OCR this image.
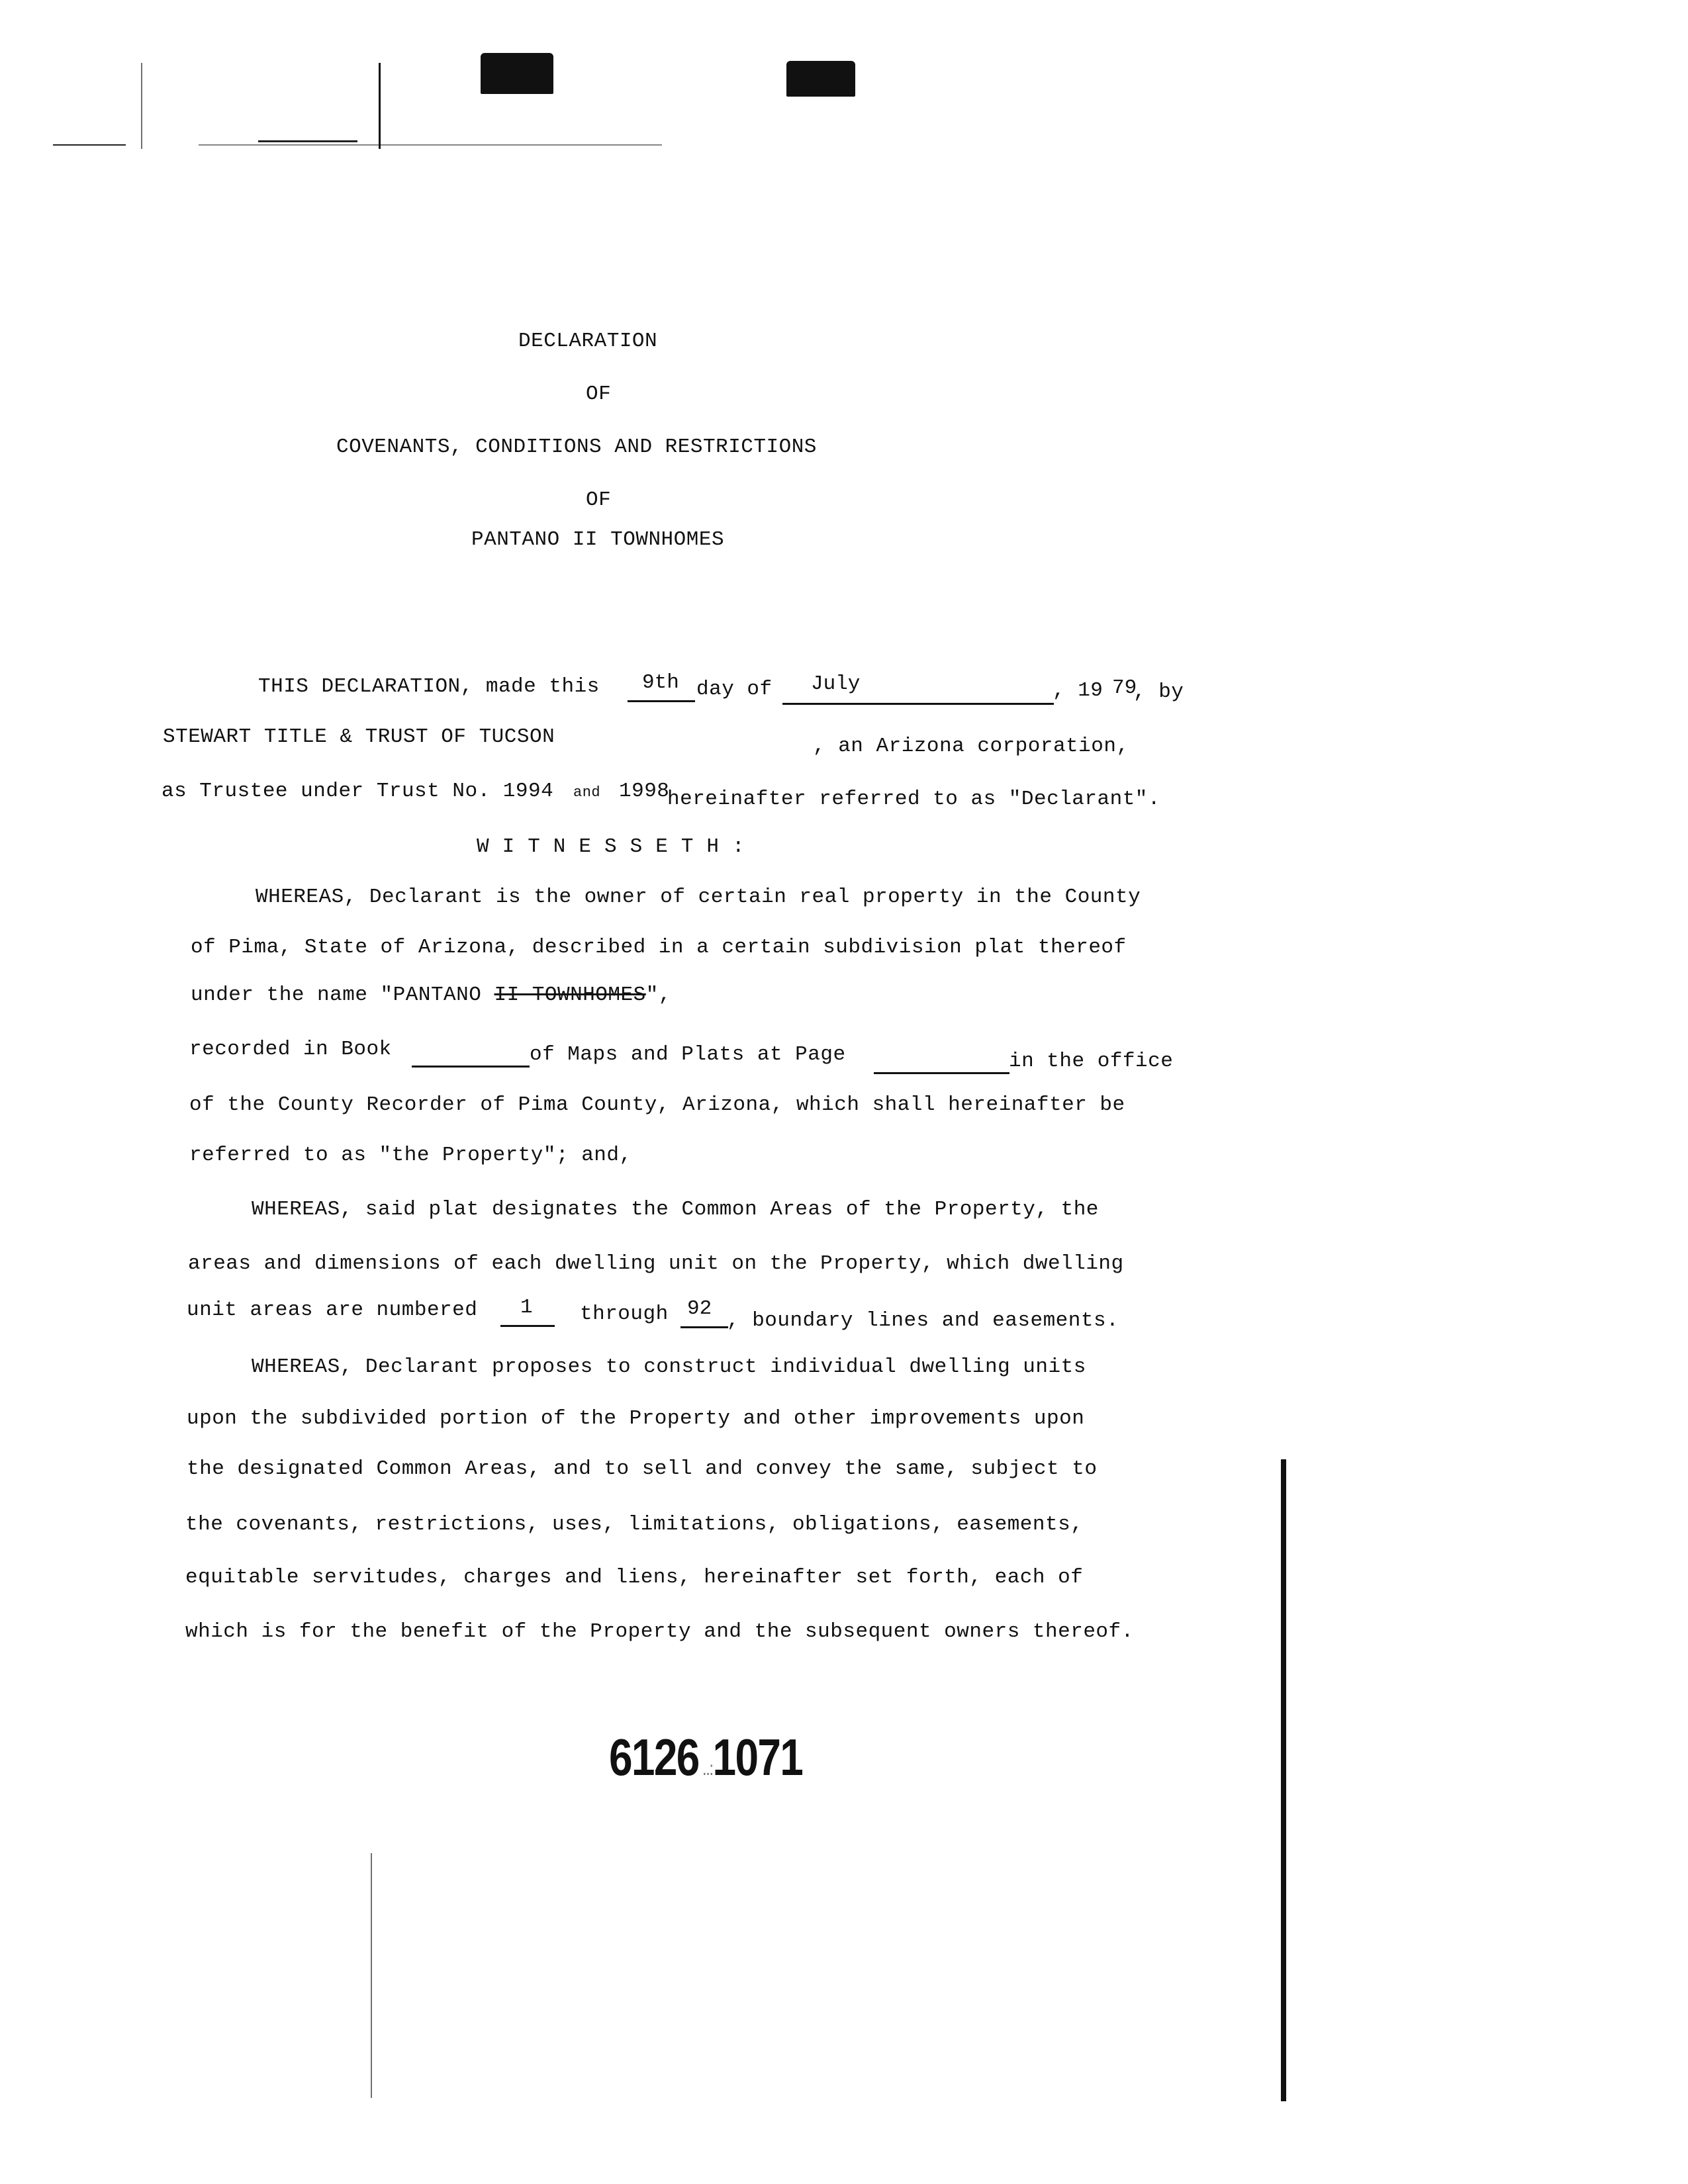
DECLARATION
OF
COVENANTS, CONDITIONS AND RESTRICTIONS
OF
PANTANO II TOWNHOMES
THIS DECLARATION, made this 9th day of July	, 19 79
, by
STEWART TITLE & TRUST OF TUCSON	, an Arizona corporation,
as Trustee under Trust No. 1994 and 1998
hereinafter referred to as "Declarant".
WITNESSETH:
WHEREAS, Declarant is the owner of certain real property in the County
of Pima, State of Arizona, described in a certain subdivision plat thereof
under the name "PANTANO II TOWNHOMES",
recorded in Book	of Maps and Plats at Page	in the office
of the County Recorder of Pima County, Arizona, which shall hereinafter be
referred to as "the Property"; and,
WHEREAS, said plat designates the Common Areas of the Property, the
areas and dimensions of each dwelling unit on the Property, which dwelling
unit areas are numbered 1 through 92
, boundary lines and easements.
WHEREAS, Declarant proposes to construct individual dwelling units
upon the subdivided portion of the Property and other improvements upon
the designated Common Areas, and to sell and convey the same, subject to
the covenants, restrictions, uses, limitations, obligations, easements,
equitable servitudes, charges and liens, hereinafter set forth, each of
which is for the benefit of the Property and the subsequent owners thereof.
6126 ..:1071
